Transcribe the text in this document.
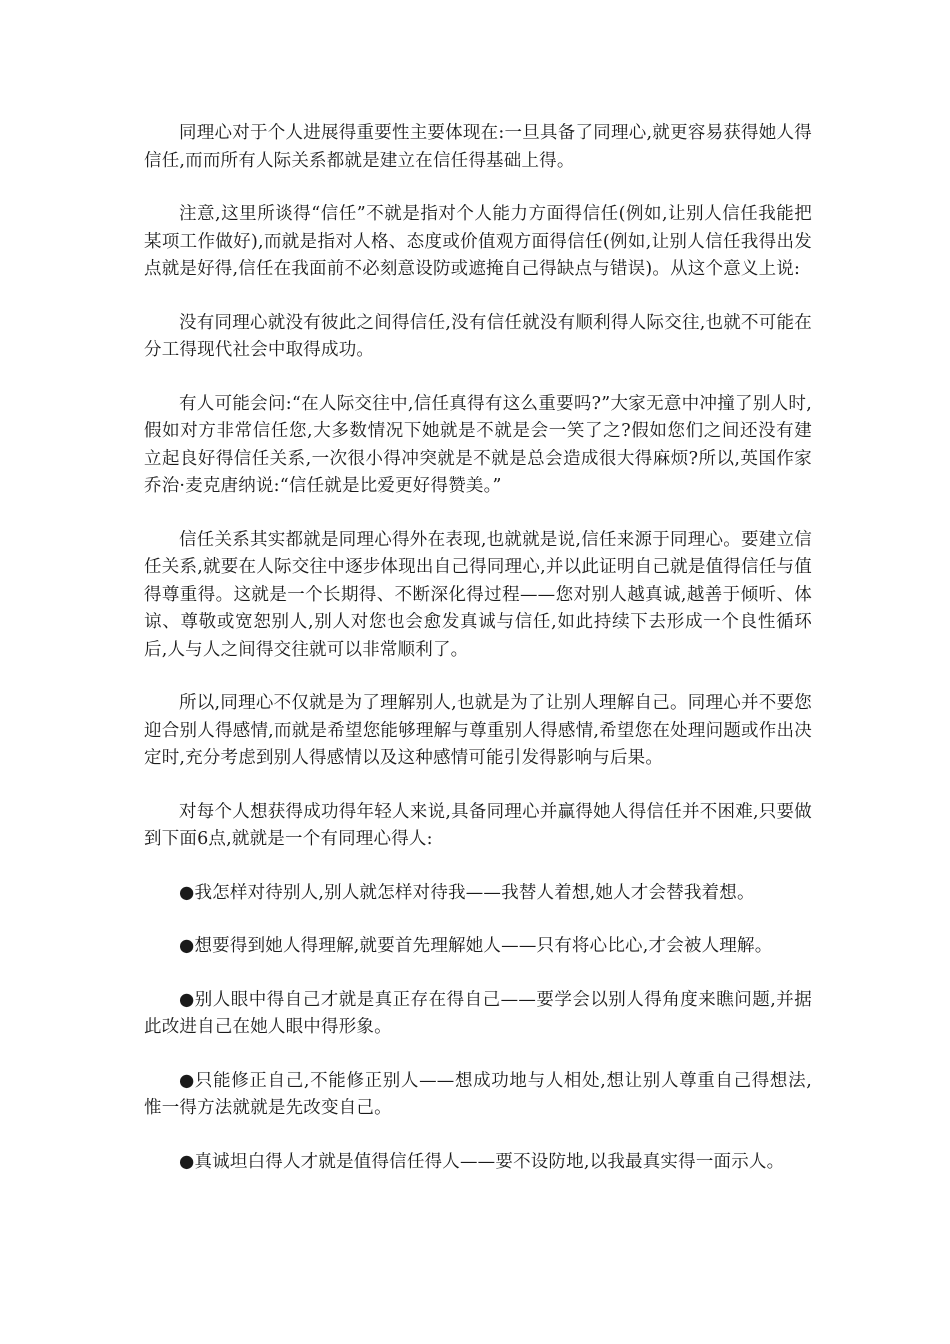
同理心对于个人进展得重要性主要体现在:一旦具备了同理心,就更容易获得她人得信任,而而所有人际关系都就是建立在信任得基础上得。

注意,这里所谈得“信任”不就是指对个人能力方面得信任(例如,让别人信任我能把某项工作做好),而就是指对人格、态度或价值观方面得信任(例如,让别人信任我得出发点就是好得,信任在我面前不必刻意设防或遮掩自己得缺点与错误)。从这个意义上说:

没有同理心就没有彼此之间得信任,没有信任就没有顺利得人际交往,也就不可能在分工得现代社会中取得成功。

有人可能会问:“在人际交往中,信任真得有这么重要吗?”大家无意中冲撞了别人时,假如对方非常信任您,大多数情况下她就是不就是会一笑了之?假如您们之间还没有建立起良好得信任关系,一次很小得冲突就是不就是总会造成很大得麻烦?所以,英国作家乔治·麦克唐纳说:“信任就是比爱更好得赞美。”

信任关系其实都就是同理心得外在表现,也就就是说,信任来源于同理心。要建立信任关系,就要在人际交往中逐步体现出自己得同理心,并以此证明自己就是值得信任与值得尊重得。这就是一个长期得、不断深化得过程——您对别人越真诚,越善于倾听、体谅、尊敬或宽恕别人,别人对您也会愈发真诚与信任,如此持续下去形成一个良性循环后,人与人之间得交往就可以非常顺利了。

所以,同理心不仅就是为了理解别人,也就是为了让别人理解自己。同理心并不要您迎合别人得感情,而就是希望您能够理解与尊重别人得感情,希望您在处理问题或作出决定时,充分考虑到别人得感情以及这种感情可能引发得影响与后果。

对每个人想获得成功得年轻人来说,具备同理心并赢得她人得信任并不困难,只要做到下面6点,就就是一个有同理心得人:

●我怎样对待别人,别人就怎样对待我——我替人着想,她人才会替我着想。

●想要得到她人得理解,就要首先理解她人——只有将心比心,才会被人理解。

●别人眼中得自己才就是真正存在得自己——要学会以别人得角度来瞧问题,并据此改进自己在她人眼中得形象。

●只能修正自己,不能修正别人——想成功地与人相处,想让别人尊重自己得想法,惟一得方法就就是先改变自己。

●真诚坦白得人才就是值得信任得人——要不设防地,以我最真实得一面示人。
